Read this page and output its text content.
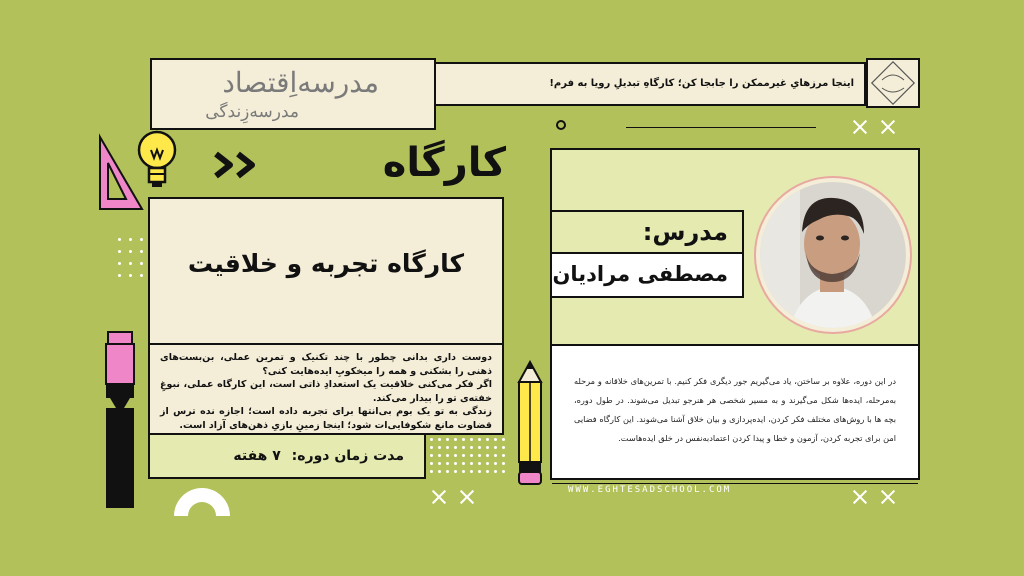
مدرسه‌اِقتصاد
مدرسه‌زِندگی
اینجا مرزهایِ غیرممکن را جابجا کن؛ کارگاهِ تبدیلِ رویا به فرم!
کارگاه
کارگاه تجربه و خلاقیت
دوست داری بدانی چطور با چند تکنیک و تمرین عملی، بن‌بست‌های ذهنی را بشکنی و همه را میخکوبِ ایده‌هایت کنی؟
اگر فکر می‌کنی خلاقیت یک استعدادِ ذاتی است، این کارگاه عملی، نبوغِ خفته‌ی تو را بیدار می‌کند.
زندگی به تو یک بوم بی‌انتها برای تجربه داده است؛ اجازه نده ترس از قضاوت مانع شکوفایی‌ات شود؛ اینجا زمینِ بازیِ ذهن‌های آزاد است.
مدت زمان دوره: ۷ هفته
در این دوره، علاوه بر ساختن، یاد می‌گیریم جور دیگری فکر کنیم. با تمرین‌های خلاقانه و مرحله به‌مرحله، ایده‌ها شکل می‌گیرند و به مسیر شخصی هر هنرجو تبدیل می‌شوند. در طول دوره، بچه ها با روش‌های مختلف فکر کردن، ایده‌پردازی و بیان خلاق آشنا می‌شوند. این کارگاه فضایی امن برای تجربه کردن، آزمون و خطا و پیدا کردن اعتمادبه‌نفس در خلق ایده‌هاست.
مدرس:
مصطفی مرادیان
WWW.EGHTESADSCHOOL.COM
